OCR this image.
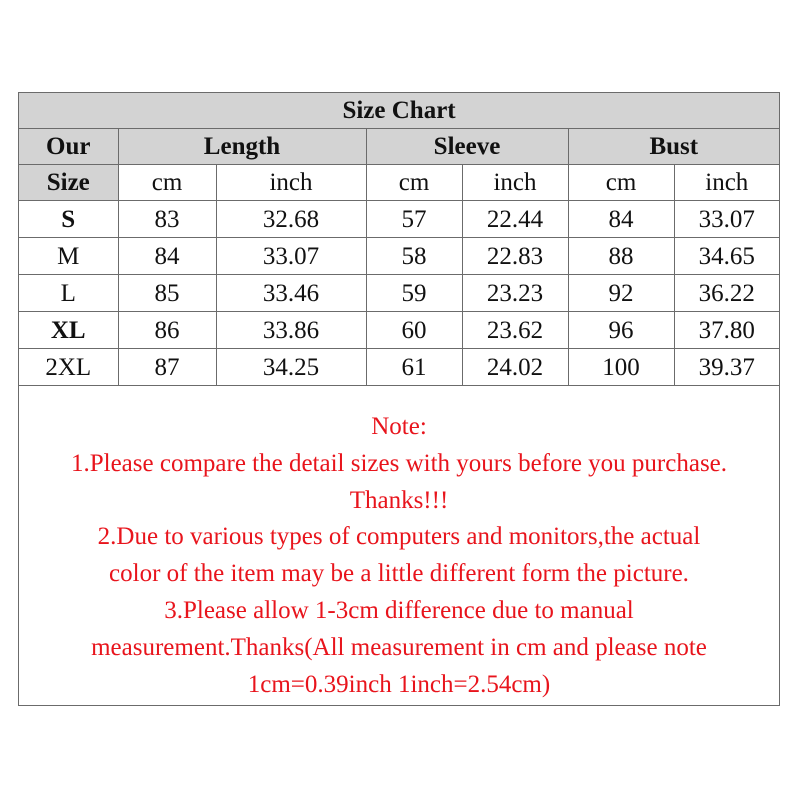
Size Chart						
Our	Length		Sleeve		Bust	
Size	cm	inch	cm	inch	cm	inch
S	83	32.68	57	22.44	84	33.07
M	84	33.07	58	22.83	88	34.65
L	85	33.46	59	23.23	92	36.22
XL	86	33.86	60	23.62	96	37.80
2XL	87	34.25	61	24.02	100	39.37
Note:
1.Please compare the detail sizes with yours before you purchase.
Thanks!!!
2.Due to various types of computers and monitors,the actual
color of the item may be a little different form the picture.
3.Please allow 1-3cm difference due to manual
measurement.Thanks(All measurement in cm and please note
1cm=0.39inch 1inch=2.54cm)
